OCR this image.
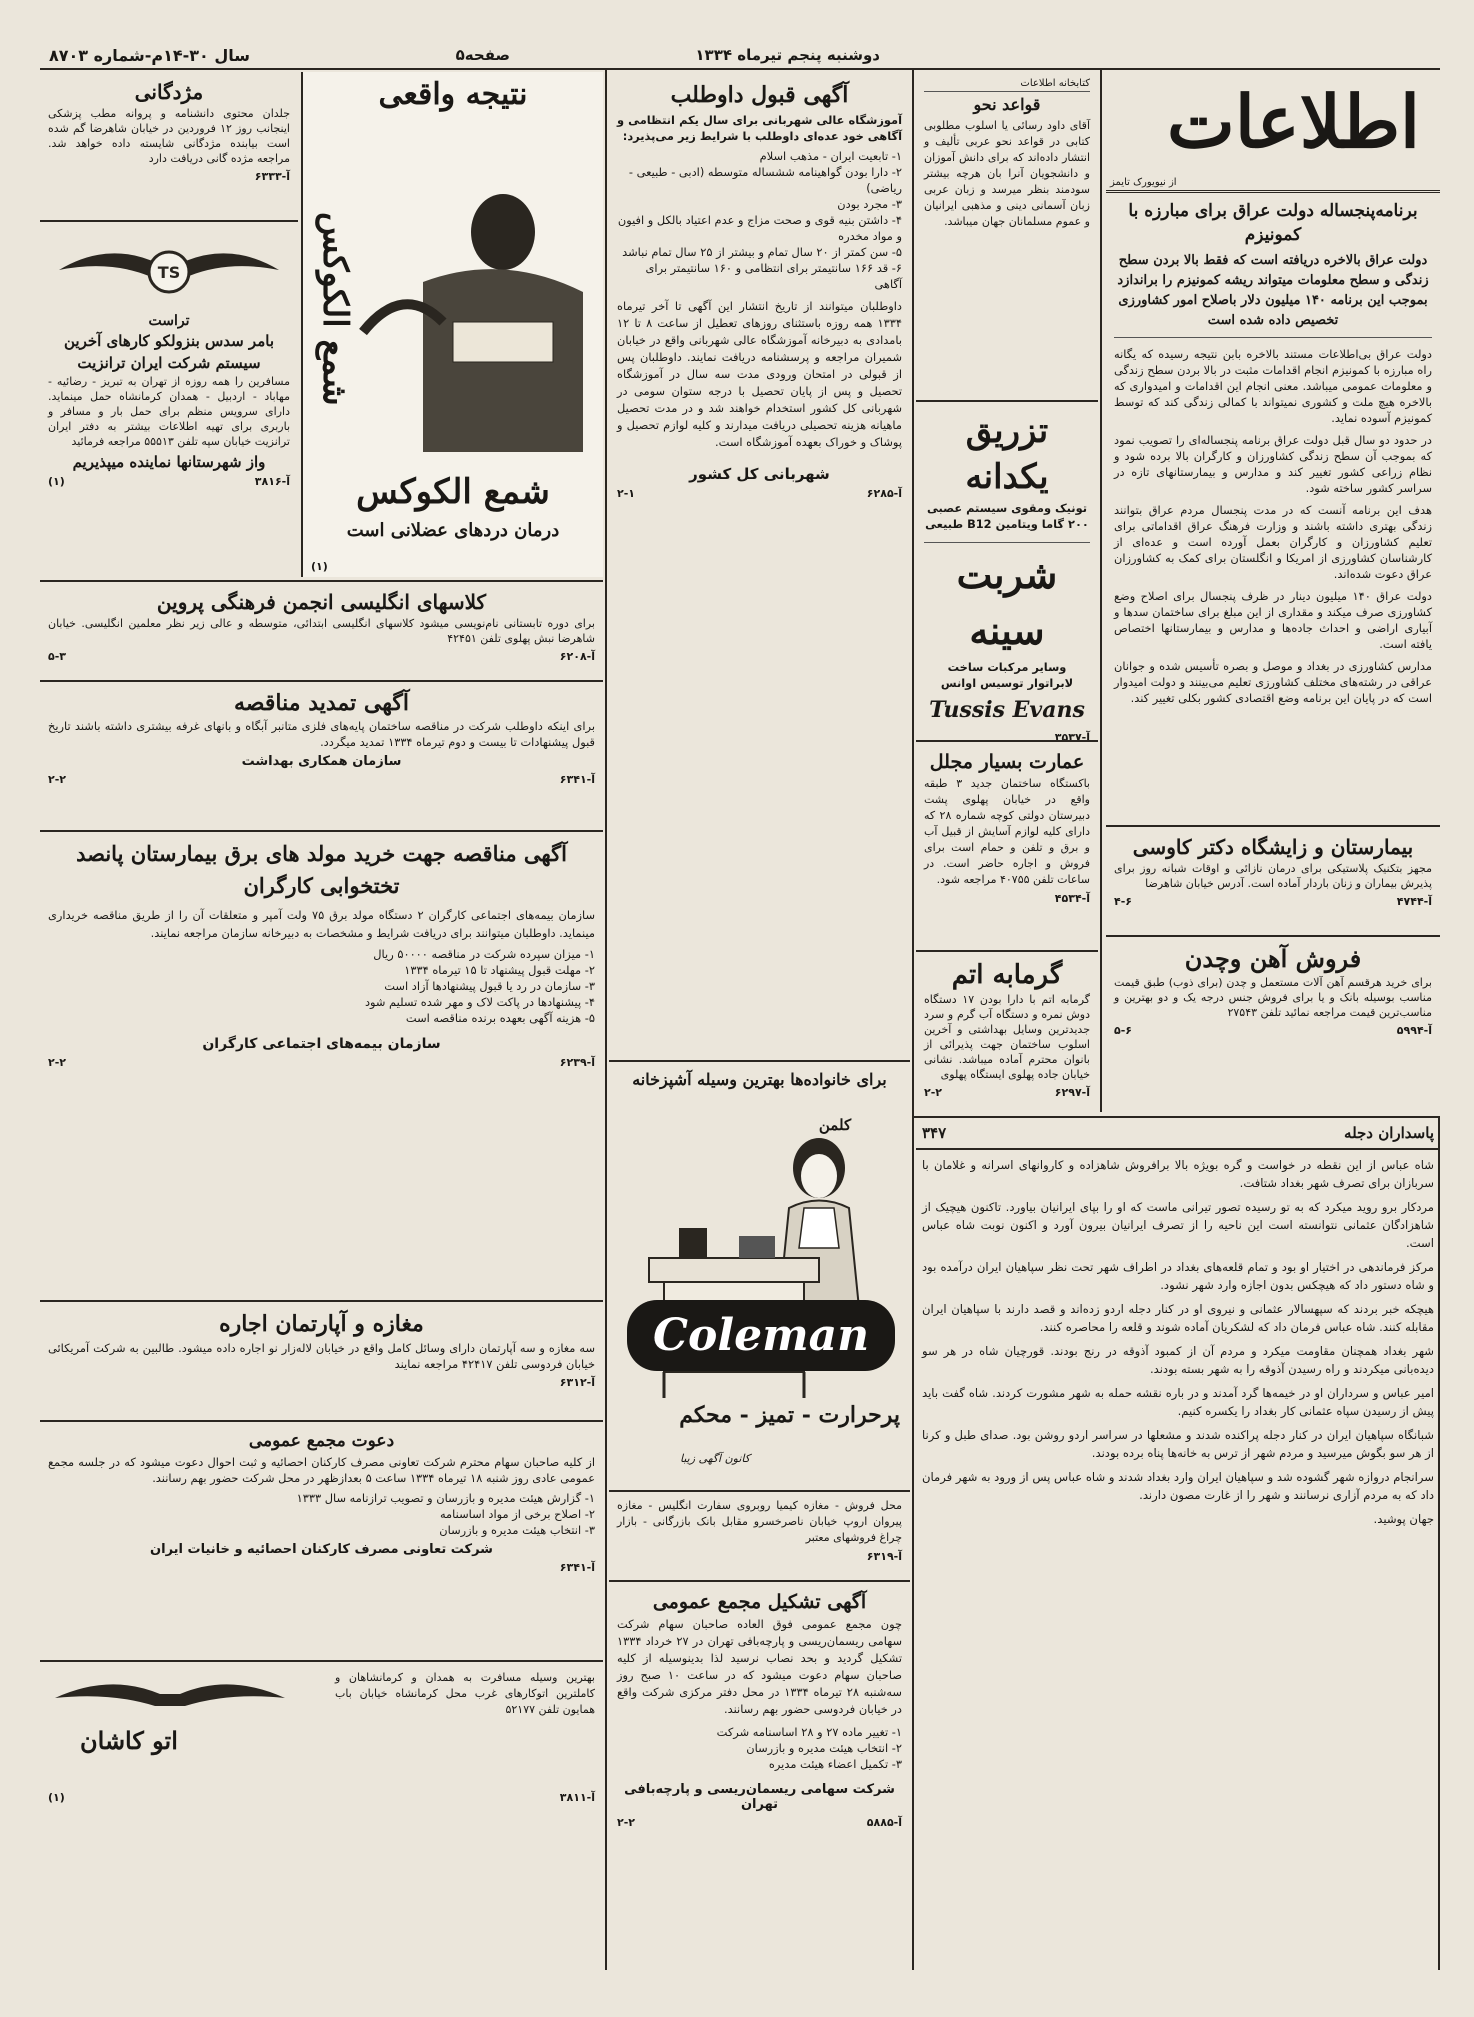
صفحه۵	دوشنبه پنجم تیرماه ۱۳۳۴
سال ۳۰-۱۴م-شماره ۸۷۰۳
اطلاعات
از نیویورک تایمز
برنامه‌پنجساله دولت عراق برای مبارزه با کمونیزم
دولت عراق بالاخره دریافته است که فقط بالا بردن سطح زندگی و سطح معلومات میتواند ریشه کمونیزم را براندازد بموجب این برنامه ۱۴۰ میلیون دلار باصلاح امور کشاورزی تخصیص داده شده است
دولت عراق بی‌اطلاعات مستند بالاخره بابن نتیجه رسیده که یگانه راه مبارزه با کمونیزم انجام اقدامات مثبت در بالا بردن سطح زندگی و معلومات عمومی میباشد. معنی انجام این اقدامات و امیدواری که بالاخره هیچ ملت و کشوری نمیتواند با کمالی زندگی کند که توسط کمونیزم آسوده نماید.
در حدود دو سال قبل دولت عراق برنامه پنجساله‌ای را تصویب نمود که بموجب آن سطح زندگی کشاورزان و کارگران بالا برده شود و نظام زراعی کشور تغییر کند و مدارس و بیمارستانهای تازه در سراسر کشور ساخته شود.
هدف این برنامه آنست که در مدت پنجسال مردم عراق بتوانند زندگی بهتری داشته باشند و وزارت فرهنگ عراق اقداماتی برای تعلیم کشاورزان و کارگران بعمل آورده است و عده‌ای از کارشناسان کشاورزی از امریکا و انگلستان برای کمک به کشاورزان عراق دعوت شده‌اند.
دولت عراق ۱۴۰ میلیون دینار در ظرف پنجسال برای اصلاح وضع کشاورزی صرف میکند و مقداری از این مبلغ برای ساختمان سدها و آبیاری اراضی و احداث جاده‌ها و مدارس و بیمارستانها اختصاص یافته است.
مدارس کشاورزی در بغداد و موصل و بصره تأسیس شده و جوانان عراقی در رشته‌های مختلف کشاورزی تعلیم می‌بینند و دولت امیدوار است که در پایان این برنامه وضع اقتصادی کشور بکلی تغییر کند.
بیمارستان و زایشگاه دکتر کاوسی
مجهز بتکنیک پلاستیکی برای درمان نازائی و اوقات شبانه روز برای پذیرش بیماران و زنان باردار آماده است. آدرس خیابان شاهرضا
آ-۴۷۴۴
۴-۶
فروش آهن وچدن
برای خرید هرقسم آهن آلات مستعمل و چدن (برای ذوب) طبق قیمت مناسب بوسیله بانک و یا برای فروش جنس درجه یک و دو بهترین و مناسب‌ترین قیمت مراجعه نمائید تلفن ۲۷۵۴۳
آ-۵۹۹۴
۵-۶
کتابخانه اطلاعات
قواعد نحو
آقای داود رسائی یا اسلوب مطلوبی کتابی در قواعد نحو عربی تألیف و انتشار داده‌اند که برای دانش آموزان و دانشجویان آنرا بان هرچه بیشتر سودمند بنظر میرسد و زبان عربی زبان آسمانی دینی و مذهبی ایرانیان و عموم مسلمانان جهان میباشد.
تزریق یکدانه
تونیک ومقوی سیستم عصبی ۲۰۰ گاما ویتامین B12 طبیعی
شربت سینه
وسایر مرکبات ساخت لابراتوار توسیس اوانس
Tussis Evans
آ-۳۵۳۷
عمارت بسیار مجلل
باکستگاه ساختمان جدید ۳ طبقه واقع در خیابان پهلوی پشت دبیرستان دولتی کوچه شماره ۲۸ که دارای کلیه لوازم آسایش از قبیل آب و برق و تلفن و حمام است برای فروش و اجاره حاضر است. در ساعات تلفن ۴۰۷۵۵ مراجعه شود.
آ-۴۵۳۴
گرمابه اتم
گرمابه اتم با دارا بودن ۱۷ دستگاه دوش نمره و دستگاه آب گرم و سرد جدیدترین وسایل بهداشتی و آخرین اسلوب ساختمان جهت پذیرائی از بانوان محترم آماده میباشد. نشانی خیابان جاده پهلوی ایستگاه پهلوی
آ-۶۲۹۷
۲-۲
آگهی قبول داوطلب
آموزشگاه عالی شهربانی برای سال یکم انتظامی و آگاهی خود عده‌ای داوطلب با شرایط زیر می‌پذیرد:
۱- تابعیت ایران - مذهب اسلام
۲- دارا بودن گواهینامه ششساله متوسطه (ادبی - طبیعی - ریاضی)
۳- مجرد بودن
۴- داشتن بنیه قوی و صحت مزاج و عدم اعتیاد بالکل و افیون و مواد مخدره
۵- سن کمتر از ۲۰ سال تمام و بیشتر از ۲۵ سال تمام نباشد
۶- قد ۱۶۶ سانتیمتر برای انتظامی و ۱۶۰ سانتیمتر برای آگاهی
داوطلبان میتوانند از تاریخ انتشار این آگهی تا آخر تیرماه ۱۳۳۴ همه روزه باستثنای روزهای تعطیل از ساعت ۸ تا ۱۲ بامدادی به دبیرخانه آموزشگاه عالی شهربانی واقع در خیابان شمیران مراجعه و پرسشنامه دریافت نمایند. داوطلبان پس از قبولی در امتحان ورودی مدت سه سال در آموزشگاه تحصیل و پس از پایان تحصیل با درجه ستوان سومی در شهربانی کل کشور استخدام خواهند شد و در مدت تحصیل ماهیانه هزینه تحصیلی دریافت میدارند و کلیه لوازم تحصیل و پوشاک و خوراک بعهده آموزشگاه است.
شهربانی کل کشور
آ-۶۲۸۵
۲-۱
برای خانواده‌ها بهترین وسیله آشپزخانه
کلمن
Coleman
پرحرارت - تمیز - محکم
کانون آگهی زیبا
محل فروش - مغازه کیمیا روبروی سفارت انگلیس - مغازه پیروان اروپ خیابان ناصرخسرو مقابل بانک بازرگانی - بازار چراغ فروشهای معتبر
آ-۶۳۱۹
آگهی تشکیل مجمع عمومی
چون مجمع عمومی فوق العاده صاحبان سهام شرکت سهامی ریسمان‌ریسی و پارچه‌بافی تهران در ۲۷ خرداد ۱۳۳۴ تشکیل گردید و بحد نصاب نرسید لذا بدینوسیله از کلیه صاحبان سهام دعوت میشود که در ساعت ۱۰ صبح روز سه‌شنبه ۲۸ تیرماه ۱۳۳۴ در محل دفتر مرکزی شرکت واقع در خیابان فردوسی حضور بهم رسانند.
۱- تغییر ماده ۲۷ و ۲۸ اساسنامه شرکت
۲- انتخاب هیئت مدیره و بازرسان
۳- تکمیل اعضاء هیئت مدیره
شرکت سهامی ریسمان‌ریسی و پارچه‌بافی تهران
آ-۵۸۸۵
۲-۲
نتیجه واقعی
شمع الکوکس
شمع الکوکس
درمان دردهای عضلانی است
(۱)
مژدگانی
جلدان محتوی دانشنامه و پروانه مطب پزشکی اینجانب روز ۱۲ فروردین در خیابان شاهرضا گم شده است بیابنده مژدگانی شایسته داده خواهد شد. مراجعه مژده گانی دریافت دارد
آ-۶۳۳۳
TS
تراست
بامر سدس بنزولکو کارهای آخرین سیستم شرکت ایران ترانزیت
مسافرین را همه روزه از تهران به تبریز - رضائیه - مهاباد - اردبیل - همدان کرمانشاه حمل مینماید. دارای سرویس منظم برای حمل بار و مسافر و باربری برای تهیه اطلاعات بیشتر به دفتر ایران ترانزیت خیابان سپه تلفن ۵۵۵۱۳ مراجعه فرمائید
واز شهرستانها نماینده میپذیریم
آ-۳۸۱۶
(۱)
کلاسهای انگلیسی انجمن فرهنگی پروین
برای دوره تابستانی نام‌نویسی میشود کلاسهای انگلیسی ابتدائی، متوسطه و عالی زیر نظر معلمین انگلیسی. خیابان شاهرضا نبش پهلوی تلفن ۴۲۴۵۱
آ-۶۲۰۸
۵-۳
آگهی تمدید مناقصه
برای اینکه داوطلب شرکت در مناقصه ساختمان پایه‌های فلزی متانبر آبگاه و بانهای غرفه بیشتری داشته باشند تاریخ قبول پیشنهادات تا بیست و دوم تیرماه ۱۳۳۴ تمدید میگردد.
سازمان همکاری بهداشت
آ-۶۳۴۱
۲-۲
آگهی مناقصه جهت خرید مولد های برق بیمارستان پانصد تختخوابی کارگران
سازمان بیمه‌های اجتماعی کارگران ۲ دستگاه مولد برق ۷۵ ولت آمپر و متعلقات آن را از طریق مناقصه خریداری مینماید. داوطلبان میتوانند برای دریافت شرایط و مشخصات به دبیرخانه سازمان مراجعه نمایند.
۱- میزان سپرده شرکت در مناقصه ۵۰۰۰۰ ریال
۲- مهلت قبول پیشنهاد تا ۱۵ تیرماه ۱۳۳۴
۳- سازمان در رد یا قبول پیشنهادها آزاد است
۴- پیشنهادها در پاکت لاک و مهر شده تسلیم شود
۵- هزینه آگهی بعهده برنده مناقصه است
سازمان بیمه‌های اجتماعی کارگران
آ-۶۲۳۹
۲-۲
مغازه و آپارتمان اجاره
سه مغازه و سه آپارتمان دارای وسائل کامل واقع در خیابان لاله‌زار نو اجاره داده میشود. طالبین به شرکت آمریکائی خیابان فردوسی تلفن ۴۲۴۱۷ مراجعه نمایند
آ-۶۳۱۲
دعوت مجمع عمومی
از کلیه صاحبان سهام محترم شرکت تعاونی مصرف کارکنان احصائیه و ثبت احوال دعوت میشود که در جلسه مجمع عمومی عادی روز شنبه ۱۸ تیرماه ۱۳۳۴ ساعت ۵ بعدازظهر در محل شرکت حضور بهم رسانند.
۱- گزارش هیئت مدیره و بازرسان و تصویب ترازنامه سال ۱۳۳۳
۲- اصلاح برخی از مواد اساسنامه
۳- انتخاب هیئت مدیره و بازرسان
شرکت تعاونی مصرف کارکنان احصائیه و خانیات ایران
آ-۶۳۴۱
بهترین وسیله مسافرت به همدان و کرمانشاهان و کاملترین اتوکارهای غرب محل کرمانشاه خیابان باب همایون تلفن ۵۲۱۷۷
اتو کاشان
آ-۳۸۱۱
(۱)
پاسداران دجله
۳۴۷
شاه عباس از این نقطه در خواست و گره بویژه بالا برافروش شاهزاده و کاروانهای اسرانه و غلامان با سربازان برای تصرف شهر بغداد شتافت.
مردکار برو روید میکرد که به تو رسیده تصور تیرانی ماست که او را بپای ایرانیان بیاورد. تاکنون هیچیک از شاهزادگان عثمانی نتوانسته است این ناحیه را از تصرف ایرانیان بیرون آورد و اکنون نوبت شاه عباس است.
مرکز فرماندهی در اختیار او بود و تمام قلعه‌های بغداد در اطراف شهر تحت نظر سپاهیان ایران درآمده بود و شاه دستور داد که هیچکس بدون اجازه وارد شهر نشود.
هیچکه خبر بردند که سپهسالار عثمانی و نیروی او در کنار دجله اردو زده‌اند و قصد دارند با سپاهیان ایران مقابله کنند. شاه عباس فرمان داد که لشکریان آماده شوند و قلعه را محاصره کنند.
شهر بغداد همچنان مقاومت میکرد و مردم آن از کمبود آذوقه در رنج بودند. قورچیان شاه در هر سو دیده‌بانی میکردند و راه رسیدن آذوقه را به شهر بسته بودند.
امیر عباس و سرداران او در خیمه‌ها گرد آمدند و در باره نقشه حمله به شهر مشورت کردند. شاه گفت باید پیش از رسیدن سپاه عثمانی کار بغداد را یکسره کنیم.
شبانگاه سپاهیان ایران در کنار دجله پراکنده شدند و مشعلها در سراسر اردو روشن بود. صدای طبل و کرنا از هر سو بگوش میرسید و مردم شهر از ترس به خانه‌ها پناه برده بودند.
سرانجام دروازه شهر گشوده شد و سپاهیان ایران وارد بغداد شدند و شاه عباس پس از ورود به شهر فرمان داد که به مردم آزاری نرسانند و شهر را از غارت مصون دارند.
جهان پوشید.
